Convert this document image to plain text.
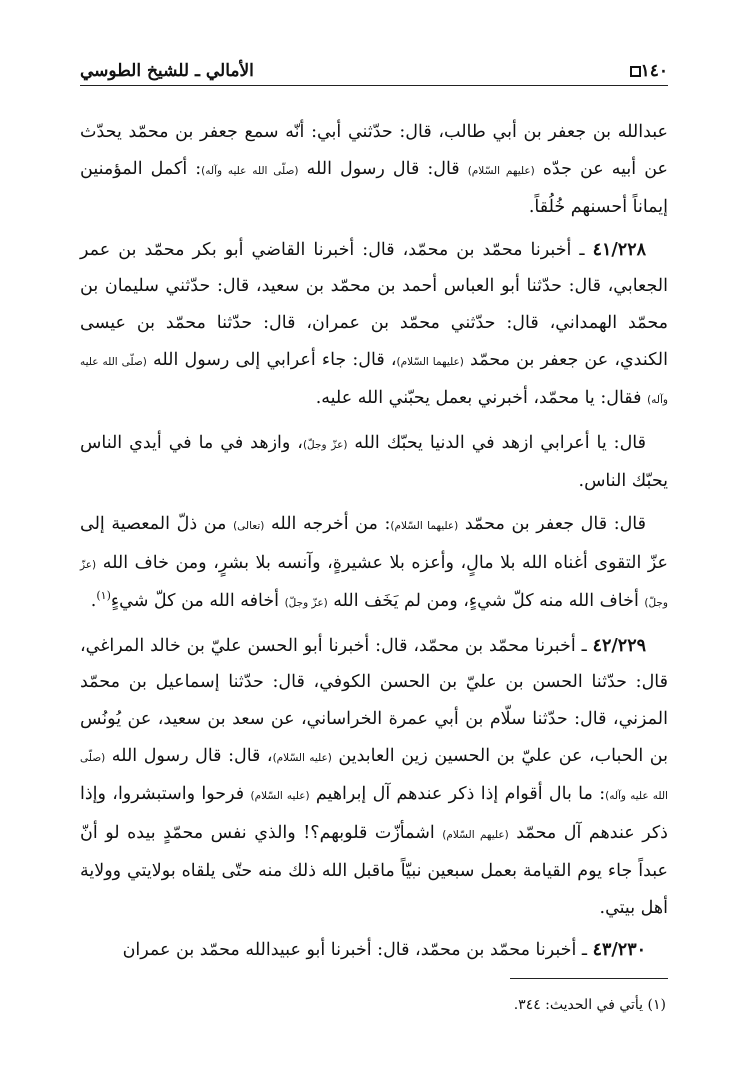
١٤٠
الأمالي ـ للشيخ الطوسي

عبدالله بن جعفر بن أبي طالب، قال: حدّثني أبي: أنّه سمع جعفر بن محمّد يحدّث عن أبيه عن جدّه (عليهم السّلام) قال: قال رسول الله (صلّى الله عليه وآله): أكمل المؤمنين إيماناً أحسنهم خُلُقاً.

٤١/٢٢٨ ـ أخبرنا محمّد بن محمّد، قال: أخبرنا القاضي أبو بكر محمّد بن عمر الجعابي، قال: حدّثنا أبو العباس أحمد بن محمّد بن سعيد، قال: حدّثني سليمان بن محمّد الهمداني، قال: حدّثني محمّد بن عمران، قال: حدّثنا محمّد بن عيسى الكندي، عن جعفر بن محمّد (عليهما السّلام)، قال: جاء أعرابي إلى رسول الله (صلّى الله عليه وآله) فقال: يا محمّد، أخبرني بعمل يحبّني الله عليه.

قال: يا أعرابي ازهد في الدنيا يحبّك الله (عزّ وجلّ)، وازهد في ما في أيدي الناس يحبّك الناس.

قال: قال جعفر بن محمّد (عليهما السّلام): من أخرجه الله (تعالى) من ذلّ المعصية إلى عزّ التقوى أغناه الله بلا مالٍ، وأعزه بلا عشيرةٍ، وآنسه بلا بشرٍ، ومن خاف الله (عزّ وجلّ) أخاف الله منه كلّ شيءٍ، ومن لم يَخَف الله (عزّ وجلّ) أخافه الله من كلّ شيءٍ$^{(١)}$.

٤٢/٢٢٩ ـ أخبرنا محمّد بن محمّد، قال: أخبرنا أبو الحسن عليّ بن خالد المراغي، قال: حدّثنا الحسن بن عليّ بن الحسن الكوفي، قال: حدّثنا إسماعيل بن محمّد المزني، قال: حدّثنا سلّام بن أبي عمرة الخراساني، عن سعد بن سعيد، عن يُونُس بن الحباب، عن عليّ بن الحسين زين العابدين (عليه السّلام)، قال: قال رسول الله (صلّى الله عليه وآله): ما بال أقوام إذا ذكر عندهم آل إبراهيم (عليه السّلام) فرحوا واستبشروا، وإذا ذكر عندهم آل محمّد (عليهم السّلام) اشمأزّت قلوبهم؟! والذي نفس محمّدٍ بيده لو أنّ عبداً جاء يوم القيامة بعمل سبعين نبيّاً ماقبل الله ذلك منه حتّى يلقاه بولايتي وولاية أهل بيتي.

٤٣/٢٣٠ ـ أخبرنا محمّد بن محمّد، قال: أخبرنا أبو عبيدالله محمّد بن عمران

(١) يأتي في الحديث: ٣٤٤.
